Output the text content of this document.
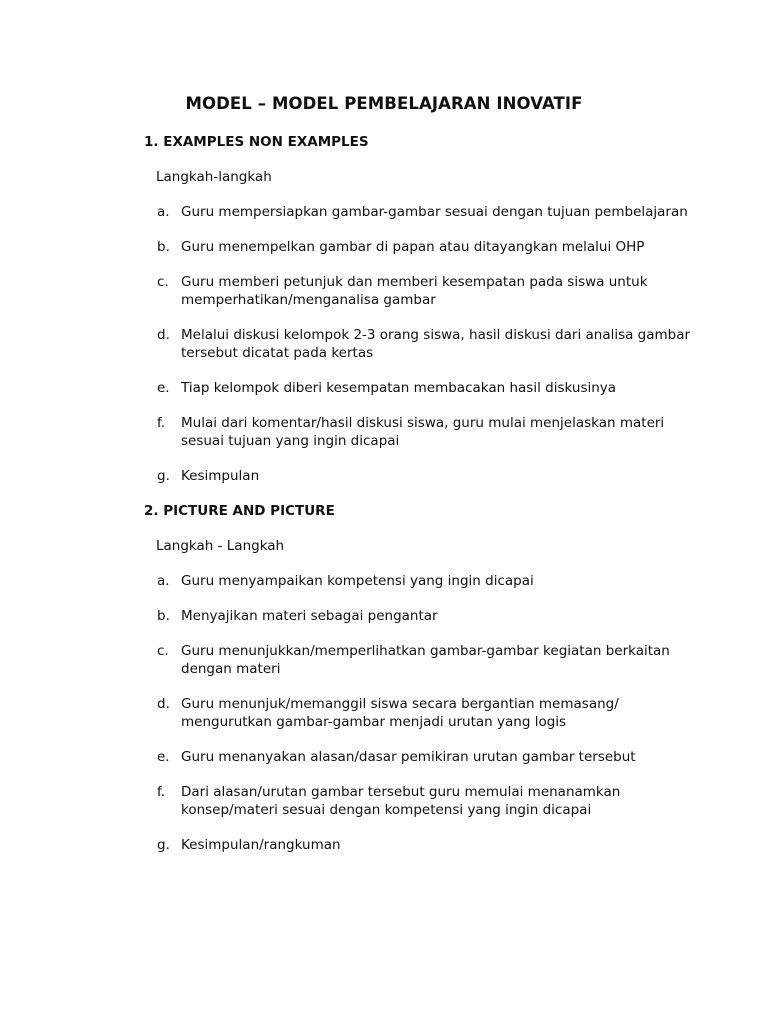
MODEL – MODEL PEMBELAJARAN INOVATIF
1. EXAMPLES NON EXAMPLES
Langkah-langkah
a. Guru mempersiapkan gambar-gambar sesuai dengan tujuan pembelajaran
b. Guru menempelkan gambar di papan atau ditayangkan melalui OHP
c. Guru memberi petunjuk dan memberi kesempatan pada siswa untuk
memperhatikan/menganalisa gambar
d. Melalui diskusi kelompok 2-3 orang siswa, hasil diskusi dari analisa gambar
tersebut dicatat pada kertas
e. Tiap kelompok diberi kesempatan membacakan hasil diskusinya
f. Mulai dari komentar/hasil diskusi siswa, guru mulai menjelaskan materi
sesuai tujuan yang ingin dicapai
g. Kesimpulan
2. PICTURE AND PICTURE
Langkah - Langkah
a. Guru menyampaikan kompetensi yang ingin dicapai
b. Menyajikan materi sebagai pengantar
c. Guru menunjukkan/memperlihatkan gambar-gambar kegiatan berkaitan
dengan materi
d. Guru menunjuk/memanggil siswa secara bergantian memasang/
mengurutkan gambar-gambar menjadi urutan yang logis
e. Guru menanyakan alasan/dasar pemikiran urutan gambar tersebut
f. Dari alasan/urutan gambar tersebut guru memulai menanamkan
konsep/materi sesuai dengan kompetensi yang ingin dicapai
g. Kesimpulan/rangkuman
